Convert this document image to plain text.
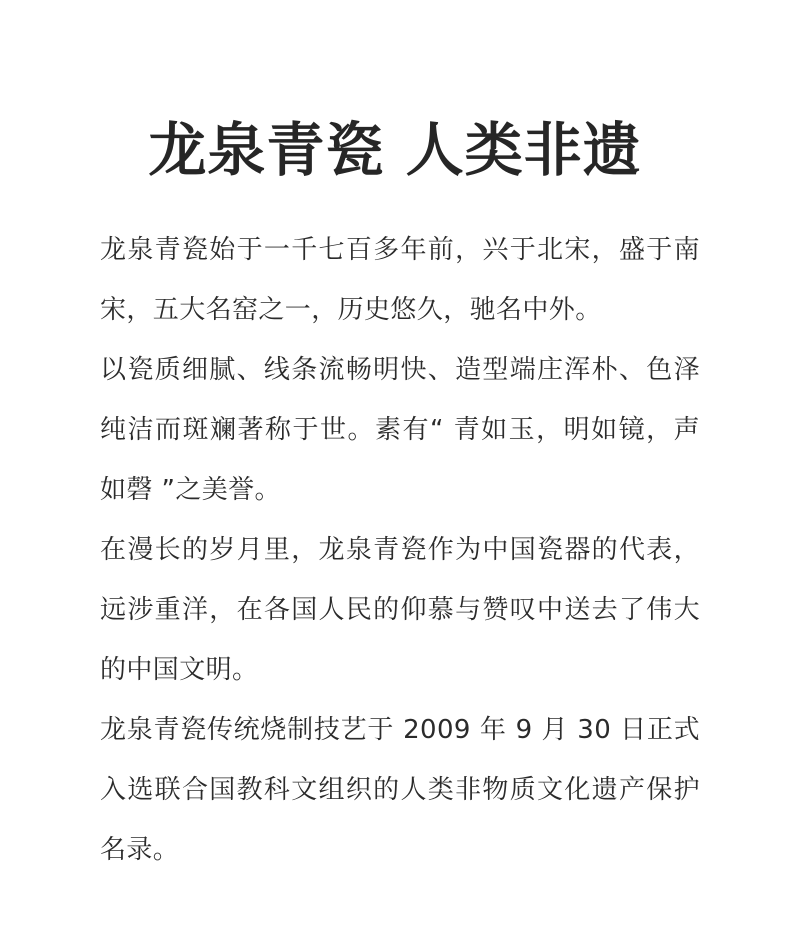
龙泉青瓷 人类非遗

龙泉青瓷始于一千七百多年前，兴于北宋，盛于南宋，五大名窑之一，历史悠久，驰名中外。

以瓷质细腻、线条流畅明快、造型端庄浑朴、色泽纯洁而斑斓著称于世。素有“ 青如玉，明如镜，声如磬 ”之美誉。

在漫长的岁月里，龙泉青瓷作为中国瓷器的代表，远涉重洋，在各国人民的仰慕与赞叹中送去了伟大的中国文明。

龙泉青瓷传统烧制技艺于 2009 年 9 月 30 日正式入选联合国教科文组织的人类非物质文化遗产保护名录。
